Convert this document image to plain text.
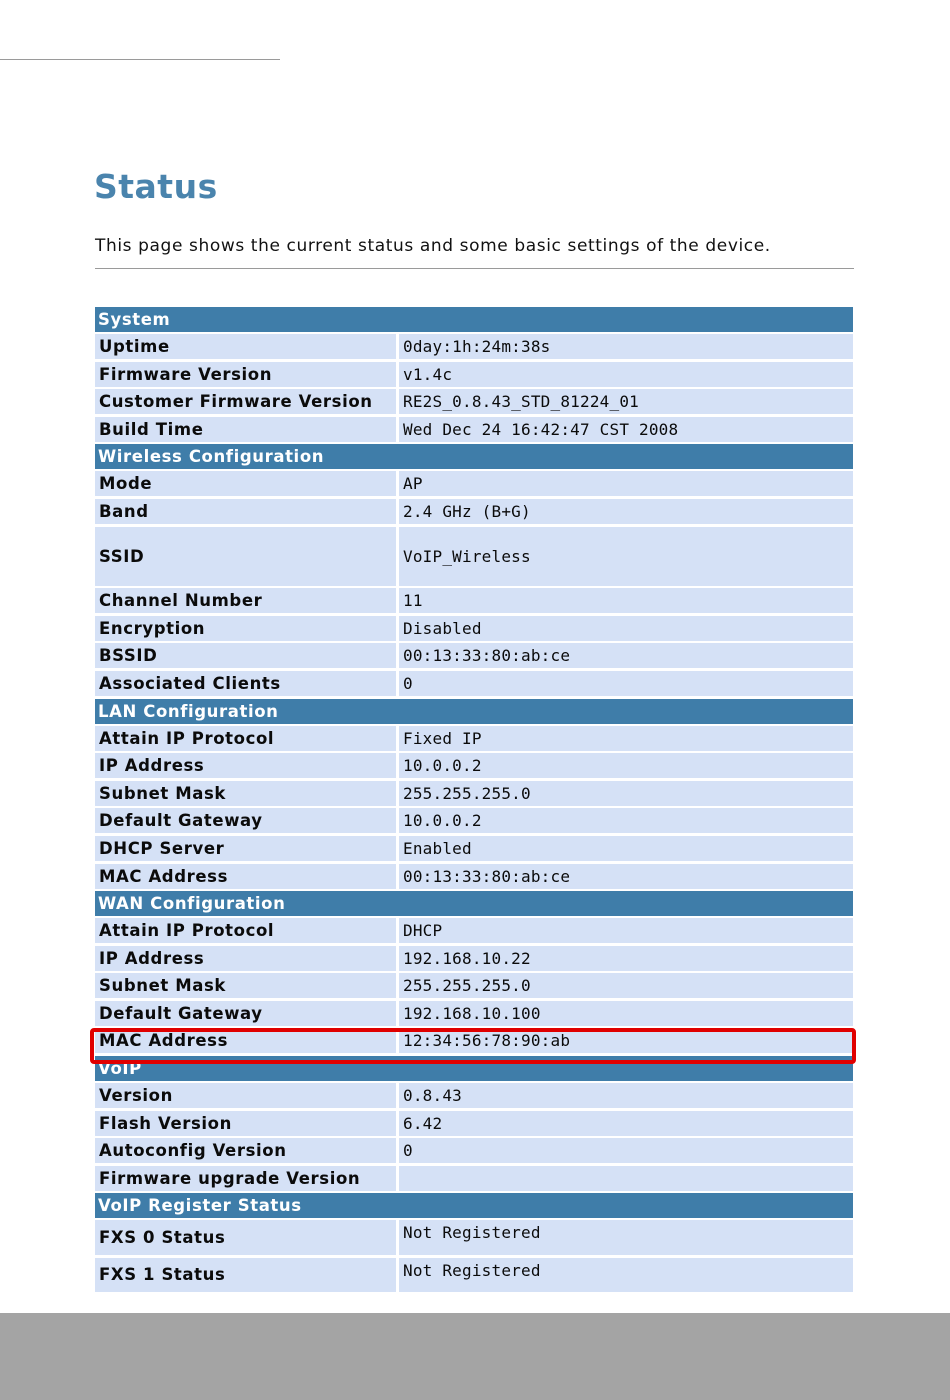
Status

This page shows the current status and some basic settings of the device.

System
Uptime	0day:1h:24m:38s
Firmware Version	v1.4c
Customer Firmware Version	RE2S_0.8.43_STD_81224_01
Build Time	Wed Dec 24 16:42:47 CST 2008
Wireless Configuration
Mode	AP
Band	2.4 GHz (B+G)
SSID	VoIP_Wireless
Channel Number	11
Encryption	Disabled
BSSID	00:13:33:80:ab:ce
Associated Clients	0
LAN Configuration
Attain IP Protocol	Fixed IP
IP Address	10.0.0.2
Subnet Mask	255.255.255.0
Default Gateway	10.0.0.2
DHCP Server	Enabled
MAC Address	00:13:33:80:ab:ce
WAN Configuration
Attain IP Protocol	DHCP
IP Address	192.168.10.22
Subnet Mask	255.255.255.0
Default Gateway	192.168.10.100
MAC Address	12:34:56:78:90:ab
VoIP
Version	0.8.43
Flash Version	6.42
Autoconfig Version	0
Firmware upgrade Version
VoIP Register Status
FXS 0 Status	Not Registered
FXS 1 Status	Not Registered
